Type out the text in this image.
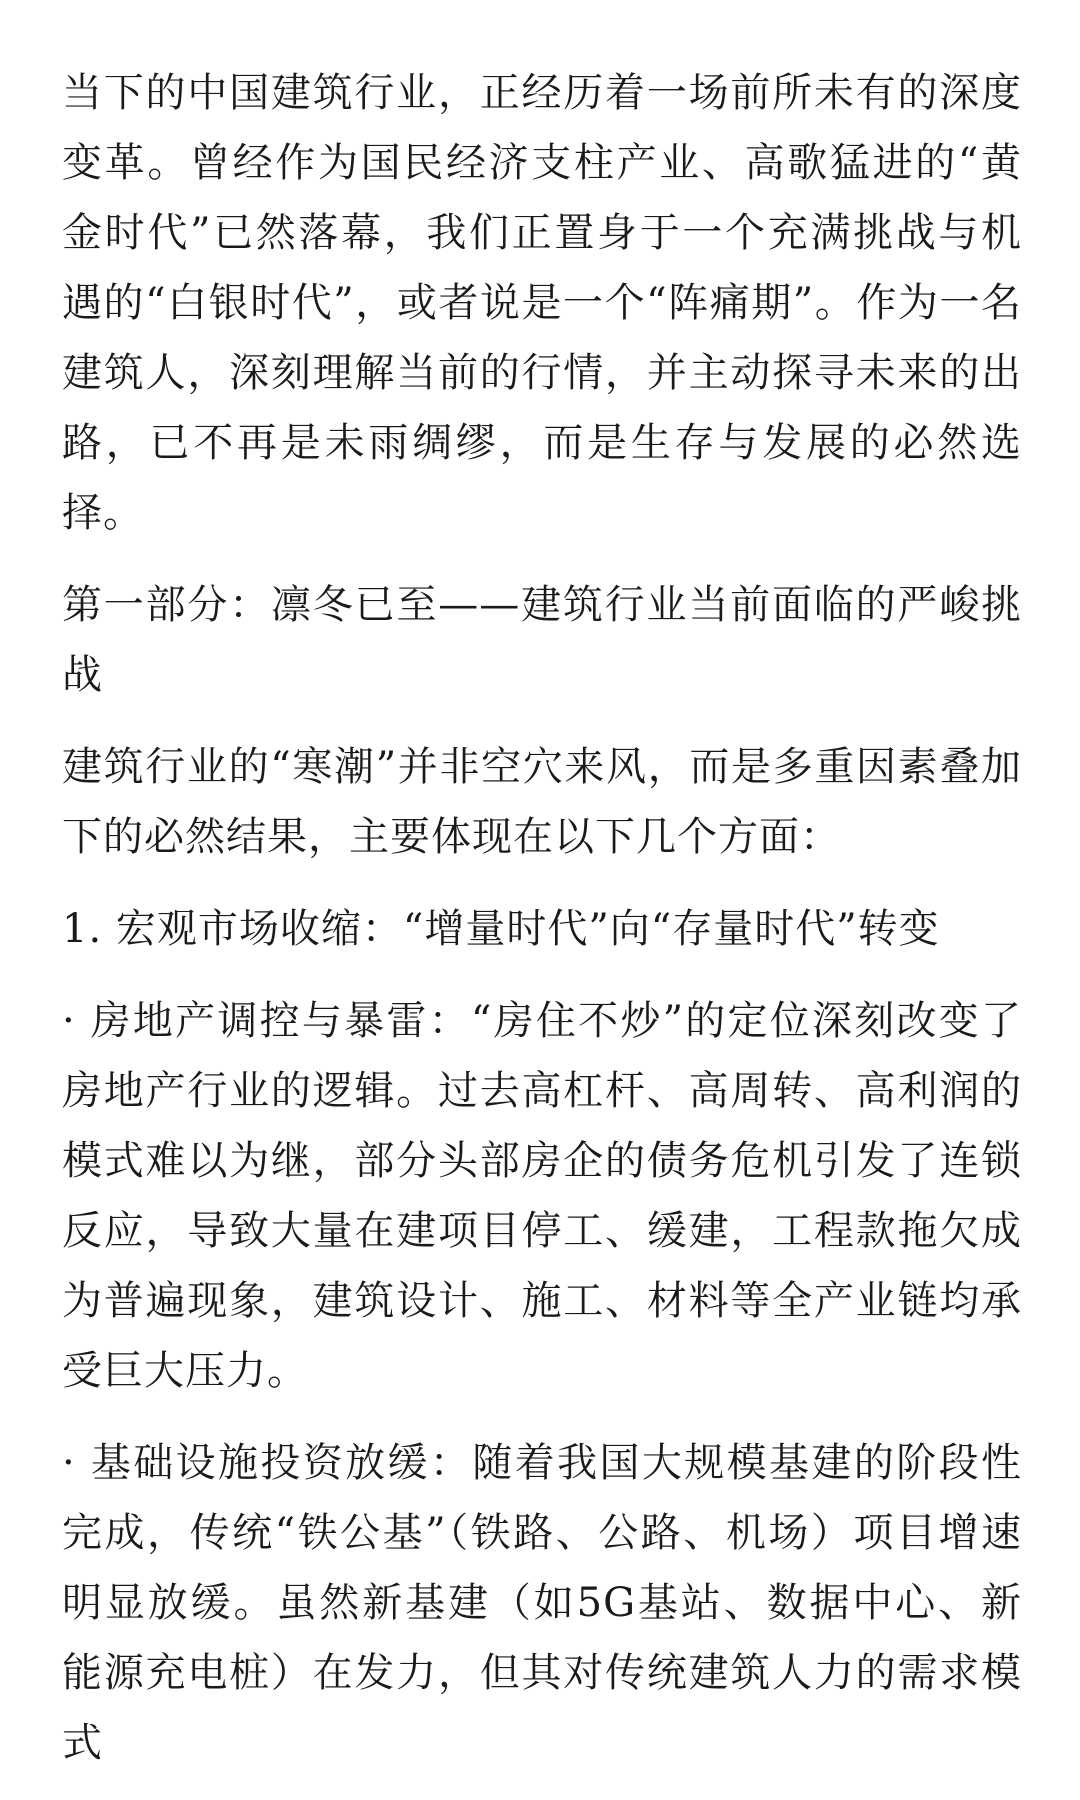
当下的中国建筑行业，正经历着一场前所未有的深度变革。曾经作为国民经济支柱产业、高歌猛进的“黄金时代”已然落幕，我们正置身于一个充满挑战与机遇的“白银时代”，或者说是一个“阵痛期”。作为一名建筑人，深刻理解当前的行情，并主动探寻未来的出路，已不再是未雨绸缪，而是生存与发展的必然选择。

第一部分：凛冬已至——建筑行业当前面临的严峻挑战

建筑行业的“寒潮”并非空穴来风，而是多重因素叠加下的必然结果，主要体现在以下几个方面：

1. 宏观市场收缩：“增量时代”向“存量时代”转变

· 房地产调控与暴雷：“房住不炒”的定位深刻改变了房地产行业的逻辑。过去高杠杆、高周转、高利润的模式难以为继，部分头部房企的债务危机引发了连锁反应，导致大量在建项目停工、缓建，工程款拖欠成为普遍现象，建筑设计、施工、材料等全产业链均承受巨大压力。

· 基础设施投资放缓：随着我国大规模基建的阶段性完成，传统“铁公基”（铁路、公路、机场）项目增速明显放缓。虽然新基建（如5G基站、数据中心、新能源充电桩）在发力，但其对传统建筑人力的需求模式
